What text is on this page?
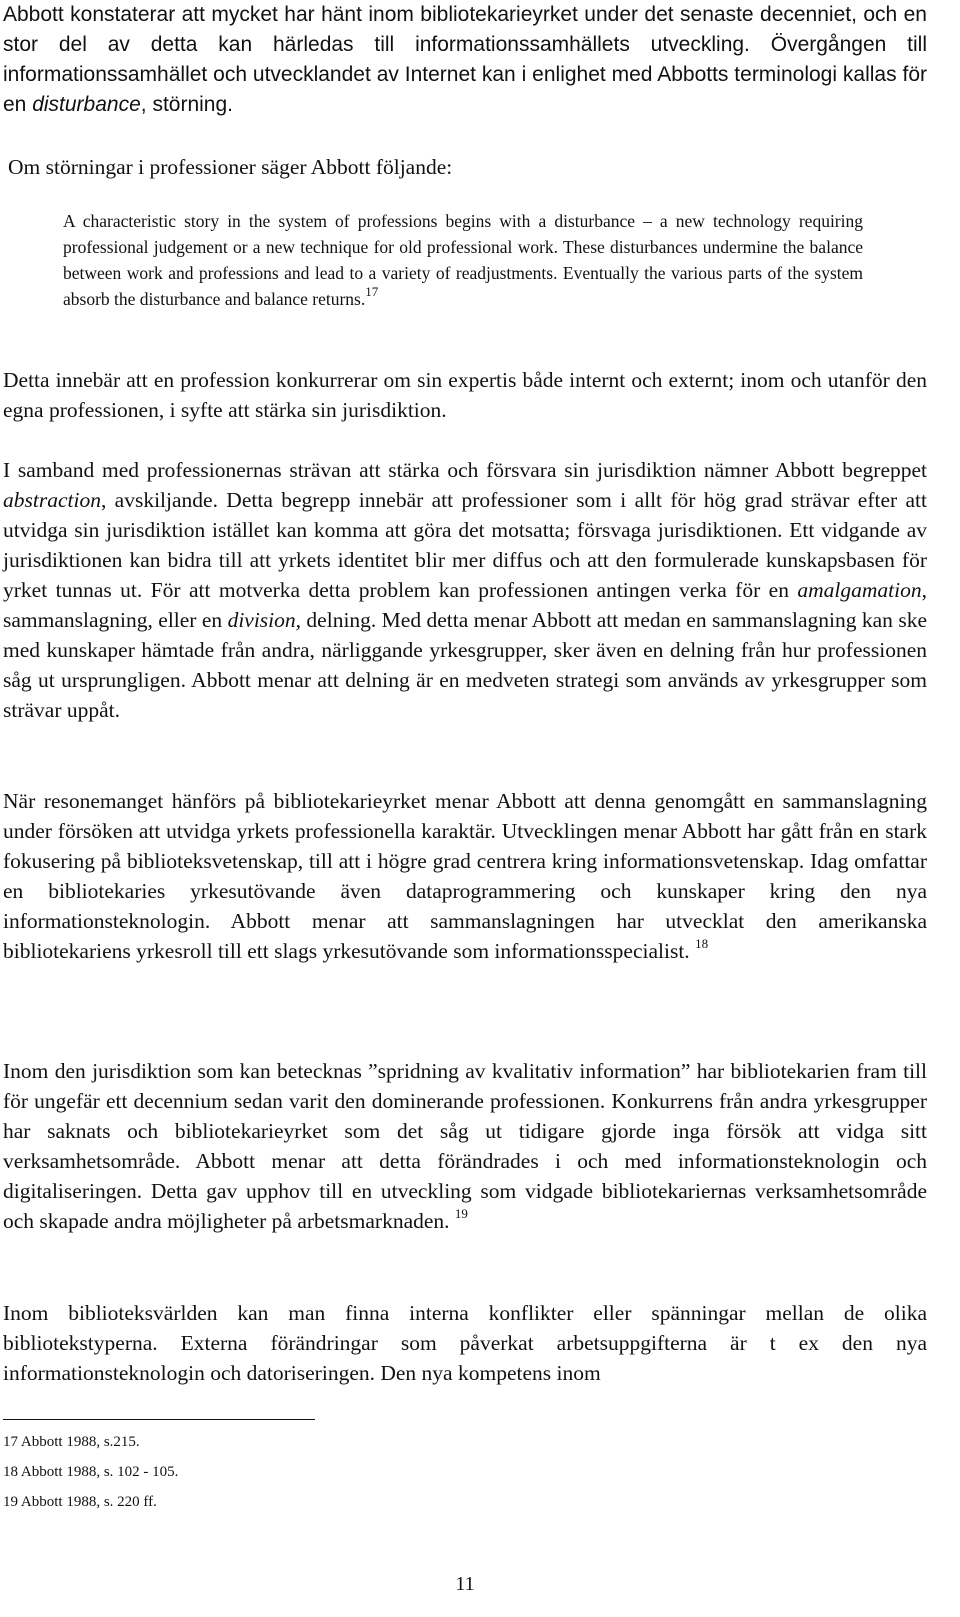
Abbott konstaterar att mycket har hänt inom bibliotekarieyrket under det senaste decenniet, och en stor del av detta kan härledas till informationssamhällets utveckling. Övergången till informationssamhället och utvecklandet av Internet kan i enlighet med Abbotts terminologi kallas för en disturbance, störning.

Om störningar i professioner säger Abbott följande:

A characteristic story in the system of professions begins with a disturbance – a new technology requiring professional judgement or a new technique for old professional work. These disturbances undermine the balance between work and professions and lead to a variety of readjustments. Eventually the various parts of the system absorb the disturbance and balance returns.$^{17}$

Detta innebär att en profession konkurrerar om sin expertis både internt och externt; inom och utanför den egna professionen, i syfte att stärka sin jurisdiktion.

I samband med professionernas strävan att stärka och försvara sin jurisdiktion nämner Abbott begreppet abstraction, avskiljande. Detta begrepp innebär att professioner som i allt för hög grad strävar efter att utvidga sin jurisdiktion istället kan komma att göra det motsatta; försvaga jurisdiktionen. Ett vidgande av jurisdiktionen kan bidra till att yrkets identitet blir mer diffus och att den formulerade kunskapsbasen för yrket tunnas ut. För att motverka detta problem kan professionen antingen verka för en amalgamation, sammanslagning, eller en division, delning. Med detta menar Abbott att medan en sammanslagning kan ske med kunskaper hämtade från andra, närliggande yrkesgrupper, sker även en delning från hur professionen såg ut ursprungligen. Abbott menar att delning är en medveten strategi som används av yrkesgrupper som strävar uppåt.

När resonemanget hänförs på bibliotekarieyrket menar Abbott att denna genomgått en sammanslagning under försöken att utvidga yrkets professionella karaktär. Utvecklingen menar Abbott har gått från en stark fokusering på biblioteksvetenskap, till att i högre grad centrera kring informationsvetenskap. Idag omfattar en bibliotekaries yrkesutövande även dataprogrammering och kunskaper kring den nya informationsteknologin. Abbott menar att sammanslagningen har utvecklat den amerikanska bibliotekariens yrkesroll till ett slags yrkesutövande som informationsspecialist. $^{18}$

Inom den jurisdiktion som kan betecknas ”spridning av kvalitativ information” har bibliotekarien fram till för ungefär ett decennium sedan varit den dominerande professionen. Konkurrens från andra yrkesgrupper har saknats och bibliotekarieyrket som det såg ut tidigare gjorde inga försök att vidga sitt verksamhetsområde. Abbott menar att detta förändrades i och med informationsteknologin och digitaliseringen. Detta gav upphov till en utveckling som vidgade bibliotekariernas verksamhetsområde och skapade andra möjligheter på arbetsmarknaden. $^{19}$

Inom biblioteksvärlden kan man finna interna konflikter eller spänningar mellan de olika bibliotekstyperna. Externa förändringar som påverkat arbetsuppgifterna är t ex den nya informationsteknologin och datoriseringen. Den nya kompetens inom

17 Abbott 1988, s.215.

18 Abbott 1988, s. 102 - 105.

19 Abbott 1988, s. 220 ff.

11
